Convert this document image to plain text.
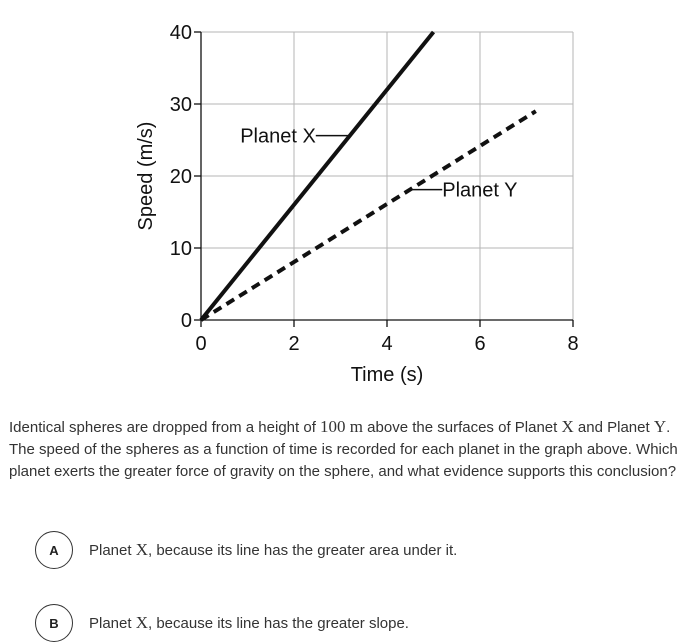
0
10
20
30
40
0	2	4	6	8
Time (s)
Speed (m/s)	Planet X
Planet Y
Identical spheres are dropped from a height of 100 m above the surfaces of Planet X and Planet Y. The speed of the spheres as a function of time is recorded for each planet in the graph above. Which planet exerts the greater force of gravity on the sphere, and what evidence supports this conclusion?
A	Planet X, because its line has the greater area under it.
B	Planet X, because its line has the greater slope.
